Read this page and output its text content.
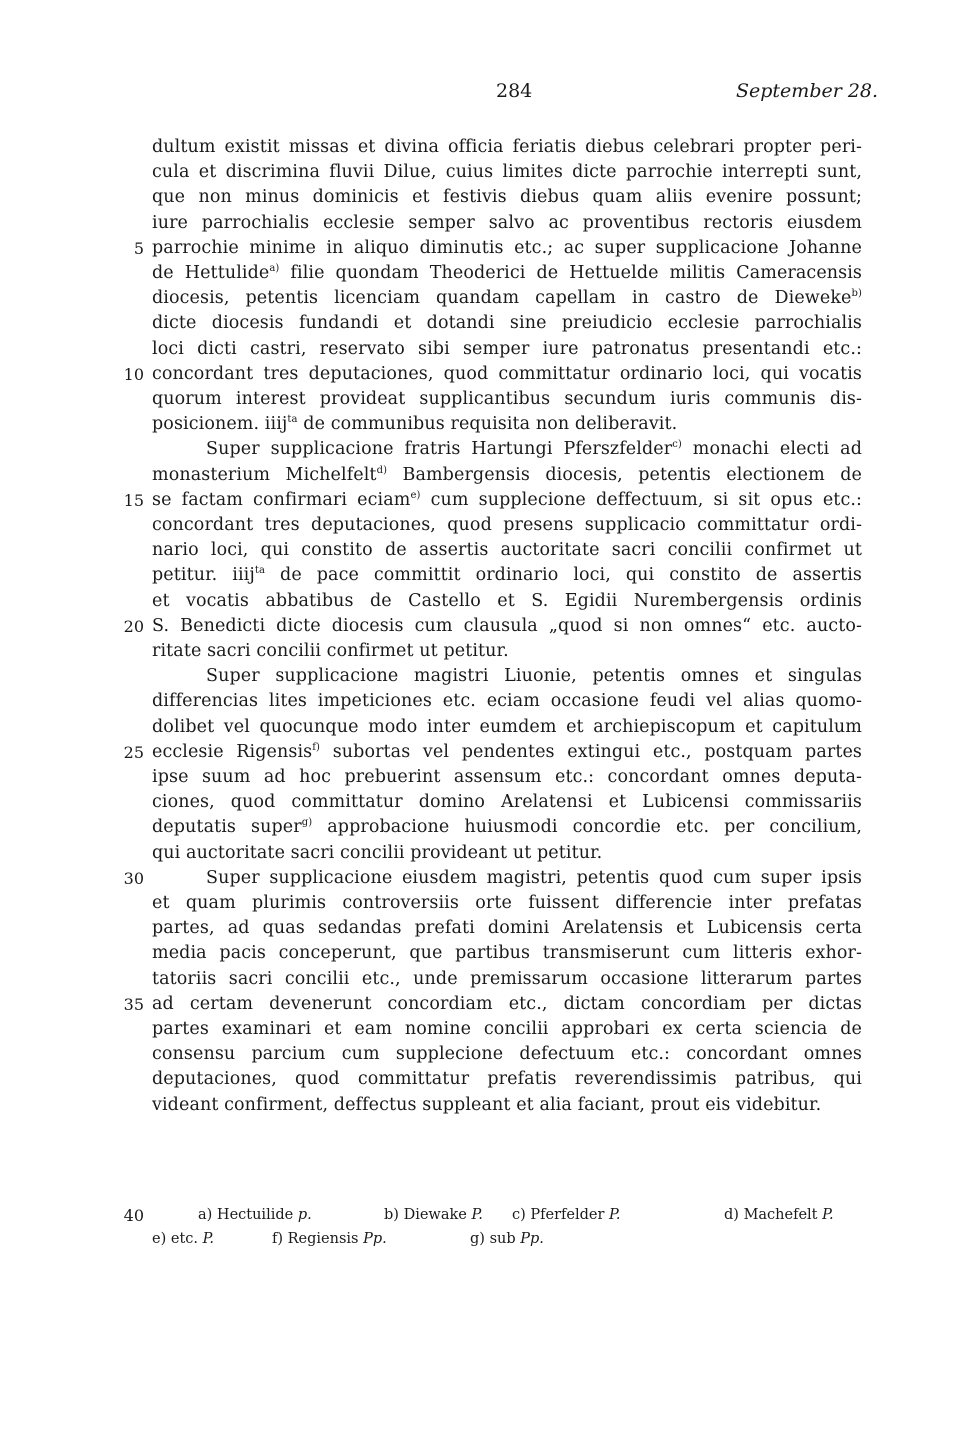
284	September 28.
dultum existit missas et divina officia feriatis diebus celebrari propter peri-
cula et discrimina fluvii Dilue, cuius limites dicte parrochie interrepti sunt,
que non minus dominicis et festivis diebus quam aliis evenire possunt;
iure parrochialis ecclesie semper salvo ac proventibus rectoris eiusdem
parrochie minime in aliquo diminutis etc.; ac super supplicacione Johanne
de Hettulide$^{a)}$ filie quondam Theoderici de Hettuelde militis Cameracensis
diocesis, petentis licenciam quandam capellam in castro de Dieweke$^{b)}$
dicte diocesis fundandi et dotandi sine preiudicio ecclesie parrochialis
loci dicti castri, reservato sibi semper iure patronatus presentandi etc.:
concordant tres deputaciones, quod committatur ordinario loci, qui vocatis
quorum interest provideat supplicantibus secundum iuris communis dis-
posicionem. iiij$^{ta}$ de communibus requisita non deliberavit.
Super supplicacione fratris Hartungi Pferszfelder$^{c)}$ monachi electi ad
monasterium Michelfelt$^{d)}$ Bambergensis diocesis, petentis electionem de
se factam confirmari eciam$^{e)}$ cum supplecione deffectuum, si sit opus etc.:
concordant tres deputaciones, quod presens supplicacio committatur ordi-
nario loci, qui constito de assertis auctoritate sacri concilii confirmet ut
petitur. iiij$^{ta}$ de pace committit ordinario loci, qui constito de assertis
et vocatis abbatibus de Castello et S. Egidii Nurembergensis ordinis
S. Benedicti dicte diocesis cum clausula „quod si non omnes“ etc. aucto-
ritate sacri concilii confirmet ut petitur.
Super supplicacione magistri Liuonie, petentis omnes et singulas
differencias lites impeticiones etc. eciam occasione feudi vel alias quomo-
dolibet vel quocunque modo inter eumdem et archiepiscopum et capitulum
ecclesie Rigensis$^{f)}$ subortas vel pendentes extingui etc., postquam partes
ipse suum ad hoc prebuerint assensum etc.: concordant omnes deputa-
ciones, quod committatur domino Arelatensi et Lubicensi commissariis
deputatis super$^{g)}$ approbacione huiusmodi concordie etc. per concilium,
qui auctoritate sacri concilii provideant ut petitur.
Super supplicacione eiusdem magistri, petentis quod cum super ipsis
et quam plurimis controversiis orte fuissent differencie inter prefatas
partes, ad quas sedandas prefati domini Arelatensis et Lubicensis certa
media pacis conceperunt, que partibus transmiserunt cum litteris exhor-
tatoriis sacri concilii etc., unde premissarum occasione litterarum partes
ad certam devenerunt concordiam etc., dictam concordiam per dictas
partes examinari et eam nomine concilii approbari ex certa sciencia de
consensu parcium cum supplecione defectuum etc.: concordant omnes
deputaciones, quod committatur prefatis reverendissimis patribus, qui
videant confirment, deffectus suppleant et alia faciant, prout eis videbitur.
a) Hectuilide p.	b) Diewake P. c) Pferfelder P.	d) Machefelt P.
e) etc. P.	f) Regiensis Pp.	g) sub Pp.
5
10
15
20
25
30
35
40
